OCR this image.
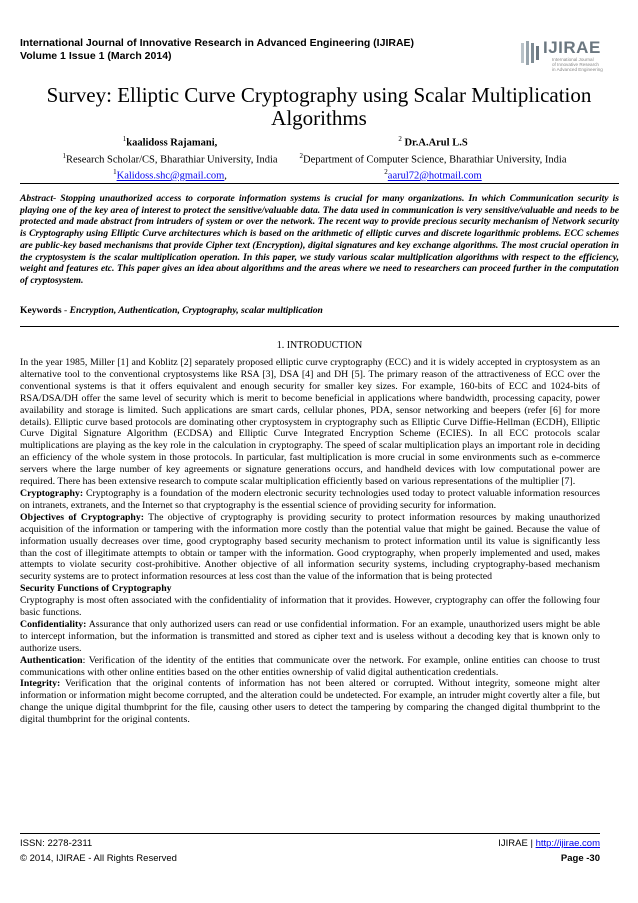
International Journal of Innovative Research in Advanced Engineering (IJIRAE)
Volume 1 Issue 1 (March 2014)	IJIRAE
International Journal
of Innovative Research
in Advanced Engineering
Survey: Elliptic Curve Cryptography using Scalar Multiplication
Algorithms
$^1$kaalidoss Rajamani,
$^1$Research Scholar/CS, Bharathiar University, India
$^1$Kalidoss.shc@gmail.com,
$^2$ Dr.A.Arul L.S
$^2$Department of Computer Science, Bharathiar University, India
$^2$aarul72@hotmail.com
Abstract- Stopping unauthorized access to corporate information systems is crucial for many organizations. In which Communication security is playing one of the key area of interest to protect the sensitive/valuable data. The data used in communication is very sensitive/valuable and needs to be protected and made abstract from intruders of system or over the network. The recent way to provide precious security mechanism of Network security is Cryptography using Elliptic Curve architectures which is based on the arithmetic of elliptic curves and discrete logarithmic problems. ECC schemes are public-key based mechanisms that provide Cipher text (Encryption), digital signatures and key exchange algorithms. The most crucial operation in the cryptosystem is the scalar multiplication operation. In this paper, we study various scalar multiplication algorithms with respect to the efficiency, weight and features etc. This paper gives an idea about algorithms and the areas where we need to researchers can proceed further in the computation of cryptosystem.
Keywords - Encryption, Authentication, Cryptography, scalar multiplication
1. INTRODUCTION

In the year 1985, Miller [1] and Koblitz [2] separately proposed elliptic curve cryptography (ECC) and it is widely accepted in cryptosystem as an alternative tool to the conventional cryptosystems like RSA [3], DSA [4] and DH [5]. The primary reason of the attractiveness of ECC over the conventional systems is that it offers equivalent and enough security for smaller key sizes. For example, 160-bits of ECC and 1024-bits of RSA/DSA/DH offer the same level of security which is merit to become beneficial in applications where bandwidth, processing capacity, power availability and storage is limited. Such applications are smart cards, cellular phones, PDA, sensor networking and beepers (refer [6] for more details). Elliptic curve based protocols are dominating other cryptosystem in cryptography such as Elliptic Curve Diffie-Hellman (ECDH), Elliptic Curve Digital Signature Algorithm (ECDSA) and Elliptic Curve Integrated Encryption Scheme (ECIES). In all ECC protocols scalar multiplications are playing as the key role in the calculation in cryptography. The speed of scalar multiplication plays an important role in deciding an efficiency of the whole system in those protocols. In particular, fast multiplication is more crucial in some environments such as e-commerce servers where the large number of key agreements or signature generations occurs, and handheld devices with low computational power are required. There has been extensive research to compute scalar multiplication efficiently based on various representations of the multiplier [7].

Cryptography: Cryptography is a foundation of the modern electronic security technologies used today to protect valuable information resources on intranets, extranets, and the Internet so that cryptography is the essential science of providing security for information.

Objectives of Cryptography: The objective of cryptography is providing security to protect information resources by making unauthorized acquisition of the information or tampering with the information more costly than the potential value that might be gained. Because the value of information usually decreases over time, good cryptography based security mechanism to protect information until its value is significantly less than the cost of illegitimate attempts to obtain or tamper with the information. Good cryptography, when properly implemented and used, makes attempts to violate security cost-prohibitive. Another objective of all information security systems, including cryptography-based mechanism security systems are to protect information resources at less cost than the value of the information that is being protected

Security Functions of Cryptography

Cryptography is most often associated with the confidentiality of information that it provides. However, cryptography can offer the following four basic functions.

Confidentiality: Assurance that only authorized users can read or use confidential information. For an example, unauthorized users might be able to intercept information, but the information is transmitted and stored as cipher text and is useless without a decoding key that is known only to authorize users.

Authentication: Verification of the identity of the entities that communicate over the network. For example, online entities can choose to trust communications with other online entities based on the other entities ownership of valid digital authentication credentials.

Integrity: Verification that the original contents of information has not been altered or corrupted. Without integrity, someone might alter information or information might become corrupted, and the alteration could be undetected. For example, an intruder might covertly alter a file, but change the unique digital thumbprint for the file, causing other users to detect the tampering by comparing the changed digital thumbprint to the digital thumbprint for the original contents.

ISSN: 2278-2311
© 2014, IJIRAE - All Rights Reserved
IJIRAE | http://ijirae.com
Page -30
